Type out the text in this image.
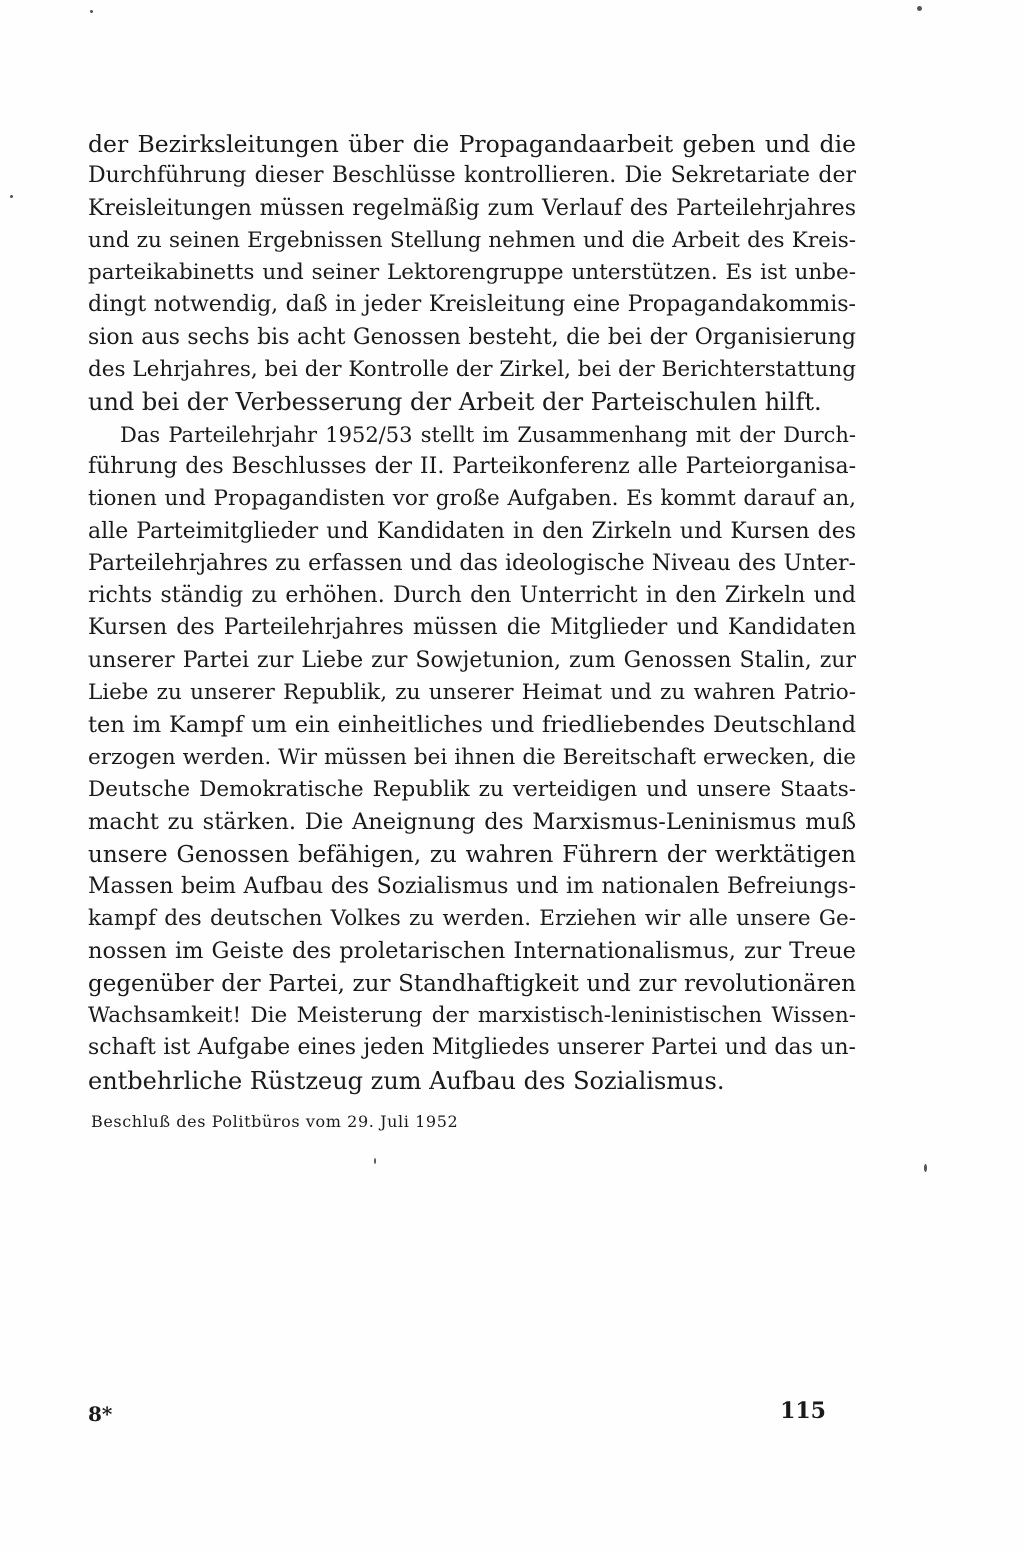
der Bezirksleitungen über die Propagandaarbeit geben und die
Durchführung dieser Beschlüsse kontrollieren. Die Sekretariate der
Kreisleitungen müssen regelmäßig zum Verlauf des Parteilehrjahres
und zu seinen Ergebnissen Stellung nehmen und die Arbeit des Kreis-
parteikabinetts und seiner Lektorengruppe unterstützen. Es ist unbe-
dingt notwendig, daß in jeder Kreisleitung eine Propagandakommis-
sion aus sechs bis acht Genossen besteht, die bei der Organisierung
des Lehrjahres, bei der Kontrolle der Zirkel, bei der Berichterstattung
und bei der Verbesserung der Arbeit der Parteischulen hilft.
Das Parteilehrjahr 1952/53 stellt im Zusammenhang mit der Durch-
führung des Beschlusses der II. Parteikonferenz alle Parteiorganisa-
tionen und Propagandisten vor große Aufgaben. Es kommt darauf an,
alle Parteimitglieder und Kandidaten in den Zirkeln und Kursen des
Parteilehrjahres zu erfassen und das ideologische Niveau des Unter-
richts ständig zu erhöhen. Durch den Unterricht in den Zirkeln und
Kursen des Parteilehrjahres müssen die Mitglieder und Kandidaten
unserer Partei zur Liebe zur Sowjetunion, zum Genossen Stalin, zur
Liebe zu unserer Republik, zu unserer Heimat und zu wahren Patrio-
ten im Kampf um ein einheitliches und friedliebendes Deutschland
erzogen werden. Wir müssen bei ihnen die Bereitschaft erwecken, die
Deutsche Demokratische Republik zu verteidigen und unsere Staats-
macht zu stärken. Die Aneignung des Marxismus-Leninismus muß
unsere Genossen befähigen, zu wahren Führern der werktätigen
Massen beim Aufbau des Sozialismus und im nationalen Befreiungs-
kampf des deutschen Volkes zu werden. Erziehen wir alle unsere Ge-
nossen im Geiste des proletarischen Internationalismus, zur Treue
gegenüber der Partei, zur Standhaftigkeit und zur revolutionären
Wachsamkeit! Die Meisterung der marxistisch-leninistischen Wissen-
schaft ist Aufgabe eines jeden Mitgliedes unserer Partei und das un-
entbehrliche Rüstzeug zum Aufbau des Sozialismus.
Beschluß des Politbüros vom 29. Juli 1952
8*	115
